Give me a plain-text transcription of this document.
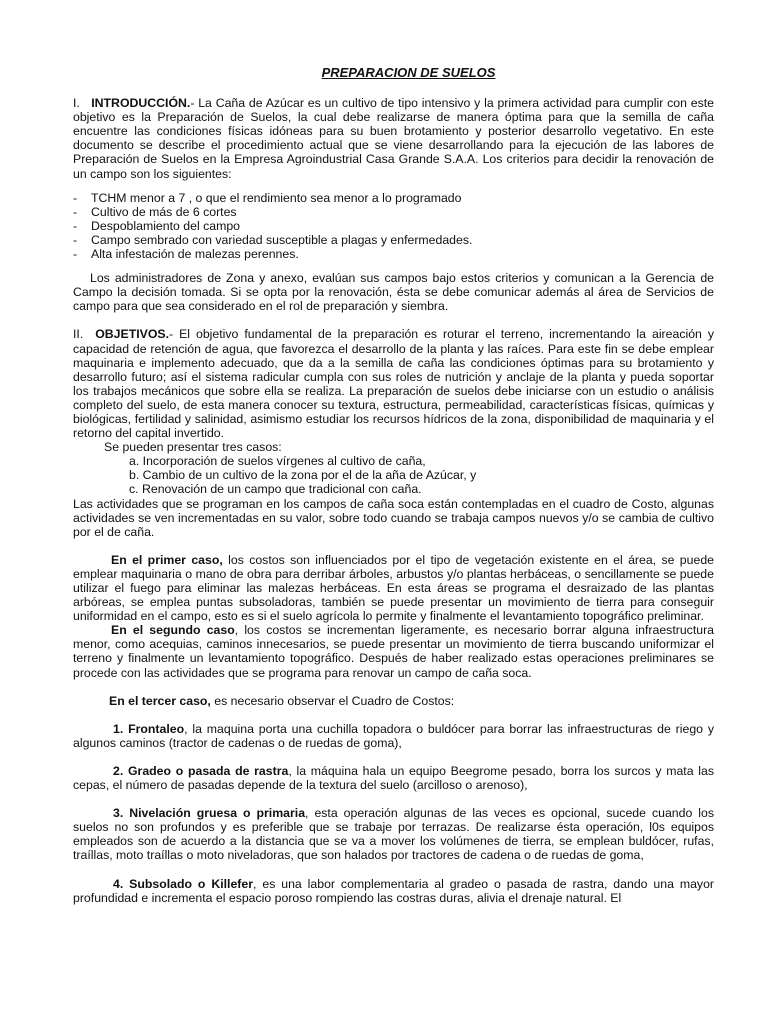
PREPARACION DE SUELOS

I. INTRODUCCIÓN.- La Caña de Azúcar es un cultivo de tipo intensivo y la primera actividad para cumplir con este objetivo es la Preparación de Suelos, la cual debe realizarse de manera óptima para que la semilla de caña encuentre las condiciones físicas idóneas para su buen brotamiento y posterior desarrollo vegetativo. En este documento se describe el procedimiento actual que se viene desarrollando para la ejecución de las labores de Preparación de Suelos en la Empresa Agroindustrial Casa Grande S.A.A. Los criterios para decidir la renovación de un campo son los siguientes:

- TCHM menor a 7 , o que el rendimiento sea menor a lo programado
- Cultivo de más de 6 cortes
- Despoblamiento del campo
- Campo sembrado con variedad susceptible a plagas y enfermedades.
- Alta infestación de malezas perennes.

Los administradores de Zona y anexo, evalúan sus campos bajo estos criterios y comunican a la Gerencia de Campo la decisión tomada. Si se opta por la renovación, ésta se debe comunicar además al área de Servicios de campo para que sea considerado en el rol de preparación y siembra.

II. OBJETIVOS.- El objetivo fundamental de la preparación es roturar el terreno, incrementando la aireación y capacidad de retención de agua, que favorezca el desarrollo de la planta y las raíces. Para este fin se debe emplear maquinaria e implemento adecuado, que da a la semilla de caña las condiciones óptimas para su brotamiento y desarrollo futuro; así el sistema radicular cumpla con sus roles de nutrición y anclaje de la planta y pueda soportar los trabajos mecánicos que sobre ella se realiza. La preparación de suelos debe iniciarse con un estudio o análisis completo del suelo, de esta manera conocer su textura, estructura, permeabilidad, características físicas, químicas y biológicas, fertilidad y salinidad, asimismo estudiar los recursos hídricos de la zona, disponibilidad de maquinaria y el retorno del capital invertido.

Se pueden presentar tres casos:

a. Incorporación de suelos vírgenes al cultivo de caña,
b. Cambio de un cultivo de la zona por el de la aña de Azúcar, y
c. Renovación de un campo que tradicional con caña.

Las actividades que se programan en los campos de caña soca están contempladas en el cuadro de Costo, algunas actividades se ven incrementadas en su valor, sobre todo cuando se trabaja campos nuevos y/o se cambia de cultivo por el de caña.

En el primer caso, los costos son influenciados por el tipo de vegetación existente en el área, se puede emplear maquinaria o mano de obra para derribar árboles, arbustos y/o plantas herbáceas, o sencillamente se puede utilizar el fuego para eliminar las malezas herbáceas. En esta áreas se programa el desraizado de las plantas arbóreas, se emplea puntas subsoladoras, también se puede presentar un movimiento de tierra para conseguir uniformidad en el campo, esto es si el suelo agrícola lo permite y finalmente el levantamiento topográfico preliminar.

En el segundo caso, los costos se incrementan ligeramente, es necesario borrar alguna infraestructura menor, como acequias, caminos innecesarios, se puede presentar un movimiento de tierra buscando uniformizar el terreno y finalmente un levantamiento topográfico. Después de haber realizado estas operaciones preliminares se procede con las actividades que se programa para renovar un campo de caña soca.

En el tercer caso, es necesario observar el Cuadro de Costos:

1. Frontaleo, la maquina porta una cuchilla topadora o buldócer para borrar las infraestructuras de riego y algunos caminos (tractor de cadenas o de ruedas de goma),

2. Gradeo o pasada de rastra, la máquina hala un equipo Beegrome pesado, borra los surcos y mata las cepas, el número de pasadas depende de la textura del suelo (arcilloso o arenoso),

3. Nivelación gruesa o primaria, esta operación algunas de las veces es opcional, sucede cuando los suelos no son profundos y es preferible que se trabaje por terrazas. De realizarse ésta operación, l0s equipos empleados son de acuerdo a la distancia que se va a mover los volúmenes de tierra, se emplean buldócer, rufas, traíllas, moto traíllas o moto niveladoras, que son halados por tractores de cadena o de ruedas de goma,

4. Subsolado o Killefer, es una labor complementaria al gradeo o pasada de rastra, dando una mayor profundidad e incrementa el espacio poroso rompiendo las costras duras, alivia el drenaje natural. El
